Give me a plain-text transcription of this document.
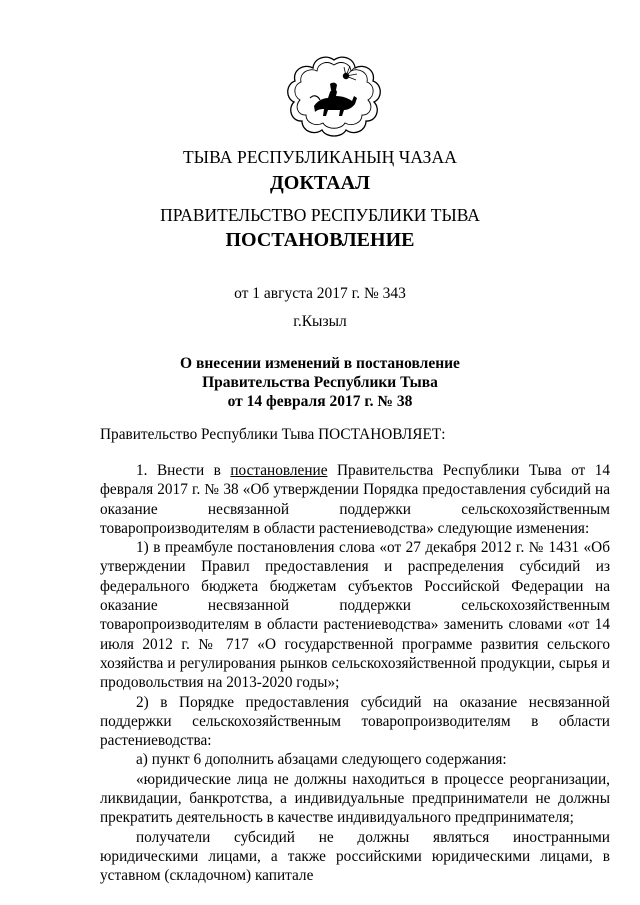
ТЫВА РЕСПУБЛИКАНЫҢ ЧАЗАА
ДОКТААЛ
ПРАВИТЕЛЬСТВО РЕСПУБЛИКИ ТЫВА
ПОСТАНОВЛЕНИЕ
от 1 августа 2017 г. № 343
г.Кызыл
О внесении изменений в постановление
Правительства Республики Тыва
от 14 февраля 2017 г. № 38
Правительство Республики Тыва ПОСТАНОВЛЯЕТ:

1. Внести в постановление Правительства Республики Тыва от 14 февраля 2017 г. № 38 «Об утверждении Порядка предоставления субсидий на оказание несвязанной поддержки сельскохозяйственным товаропроизводителям в области растениеводства» следующие изменения:

1) в преамбуле постановления слова «от 27 декабря 2012 г. № 1431 «Об утверждении Правил предоставления и распределения субсидий из федерального бюджета бюджетам субъектов Российской Федерации на оказание несвязанной поддержки сельскохозяйственным товаропроизводителям в области растениеводства» заменить словами «от 14 июля 2012 г. № 717 «О государственной программе развития сельского хозяйства и регулирования рынков сельскохозяйственной продукции, сырья и продовольствия на 2013-2020 годы»;

2) в Порядке предоставления субсидий на оказание несвязанной поддержки сельскохозяйственным товаропроизводителям в области растениеводства:

а) пункт 6 дополнить абзацами следующего содержания:

«юридические лица не должны находиться в процессе реорганизации, ликвидации, банкротства, а индивидуальные предприниматели не должны прекратить деятельность в качестве индивидуального предпринимателя;

получатели субсидий не должны являться иностранными юридическими лицами, а также российскими юридическими лицами, в уставном (складочном) капитале
